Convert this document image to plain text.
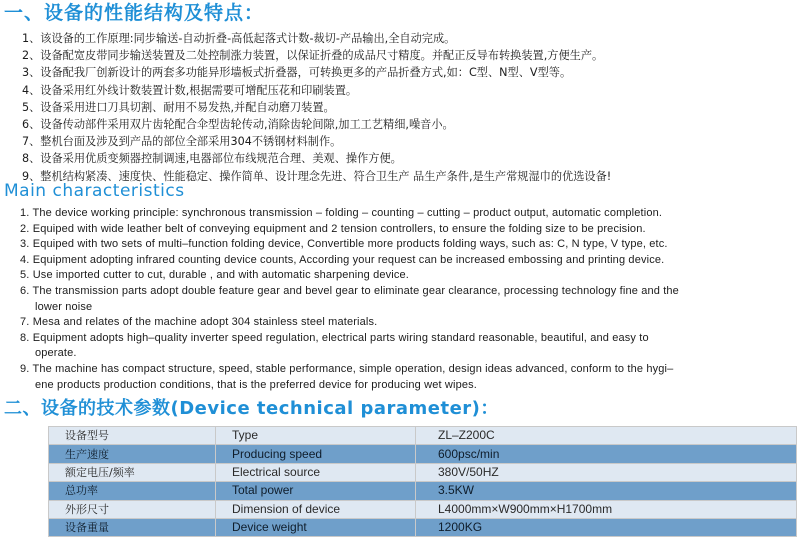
一、设备的性能结构及特点：
1、该设备的工作原理:同步输送-自动折叠-高低起落式计数-裁切-产品输出,全自动完成。
2、设备配宽皮带同步输送装置及二处控制涨力装置，以保证折叠的成品尺寸精度。并配正反导布转换装置,方便生产。
3、设备配我厂创新设计的两套多功能异形墙板式折叠器，可转换更多的产品折叠方式,如：C型、N型、V型等。
4、设备采用红外线计数装置计数,根据需要可增配压花和印刷装置。
5、设备采用进口刀具切割、耐用不易发热,并配自动磨刀装置。
6、设备传动部件采用双片齿轮配合伞型齿轮传动,消除齿轮间隙,加工工艺精细,噪音小。
7、整机台面及涉及到产品的部位全部采用304不锈钢材料制作。
8、设备采用优质变频器控制调速,电器部位布线规范合理、美观、操作方便。
9、整机结构紧凑、速度快、性能稳定、操作简单、设计理念先进、符合卫生产 品生产条件,是生产常规湿巾的优选设备!
Main characteristics
1. The device working principle: synchronous transmission – folding – counting – cutting – product output, automatic completion.
2. Equiped with wide leather belt of conveying equipment and 2 tension controllers, to ensure the folding size to be precision.
3. Equiped with two sets of multi–function folding device, Convertible more products folding ways, such as: C, N type, V type, etc.
4. Equipment adopting infrared counting device counts, According your request can be increased embossing and printing device.
5. Use imported cutter to cut, durable , and with automatic sharpening device.
6. The transmission parts adopt double feature gear and bevel gear to eliminate gear clearance, processing technology fine and the
lower noise
7. Mesa and relates of the machine adopt 304 stainless steel materials.
8. Equipment adopts high–quality inverter speed regulation, electrical parts wiring standard reasonable, beautiful, and easy to
operate.
9. The machine has compact structure, speed, stable performance, simple operation, design ideas advanced, conform to the hygi–
ene products production conditions, that is the preferred device for producing wet wipes.
二、设备的技术参数(Device technical parameter)：
设备型号	Type	ZL–Z200C
生产速度	Producing speed	600psc/min
额定电压/频率	Electrical source	380V/50HZ
总功率	Total power	3.5KW
外形尺寸	Dimension of device	L4000mm×W900mm×H1700mm
设备重量	Device weight	1200KG
